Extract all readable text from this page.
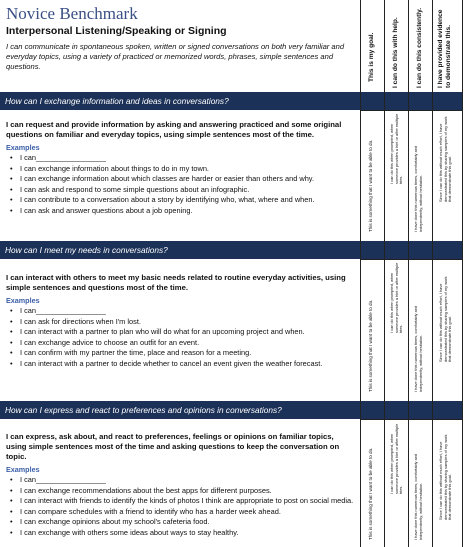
Novice Benchmark
Interpersonal Listening/Speaking or Signing
I can communicate in spontaneous spoken, written or signed conversations on both very familiar and everyday topics, using a variety of practiced or memorized words, phrases, simple sentences and questions.
How can I exchange information and ideas in conversations?
I can request and provide information by asking and answering practiced and some original questions on familiar and everyday topics, using simple sentences most of the time.
Examples
• I can_________________
• I can exchange information about things to do in my town.
• I can exchange information about which classes are harder or easier than others and why.
• I can ask and respond to some simple questions about an infographic.
• I can contribute to a conversation about a story by identifying who, what, where and when.
• I can ask and answer questions about a job opening.
How can I meet my needs in conversations?
I can interact with others to meet my basic needs related to routine everyday activities, using simple sentences and questions most of the time.
Examples
• I can_________________
• I can ask for directions when I'm lost.
• I can interact with a partner to plan who will do what for an upcoming project and when.
• I can exchange advice to choose an outfit for an event.
• I can confirm with my partner the time, place and reason for a meeting.
• I can interact with a partner to decide whether to cancel an event given the weather forecast.
How can I express and react to preferences and opinions in conversations?
I can express, ask about, and react to preferences, feelings or opinions on familiar topics, using simple sentences most of the time and asking questions to keep the conversation on topic.
Examples
• I can_________________
• I can exchange recommendations about the best apps for different purposes.
• I can interact with friends to identify the kinds of photos I think are appropriate to post on social media.
• I can compare schedules with a friend to identify who has a harder week ahead.
• I can exchange opinions about my school's cafeteria food.
• I can exchange with others some ideas about ways to stay healthy.
This is my goal.
This is something that I want to be able to do.
This is something that I want to be able to do.
This is something that I want to be able to do.
I can do this with help.
I can do this when prompted, when someone provides a hint or after multiple tries.
I can do this when prompted, when someone provides a hint or after multiple tries.
I can do this when prompted, when someone provides a hint or after multiple tries.
I can do this consistently.
I have done this numerous times, comfortably and independently, without hesitation.
I have done this numerous times, comfortably and independently, without hesitation.
I have done this numerous times, comfortably and independently, without hesitation.
I have provided evidence to demonstrate this.
Since I can do this without much effort, I have demonstrated this by sharing samples of my work that demonstrate this goal.
Since I can do this without much effort, I have demonstrated this by sharing samples of my work that demonstrate this goal.
Since I can do this without much effort, I have demonstrated this by sharing samples of my work that demonstrate this goal.
